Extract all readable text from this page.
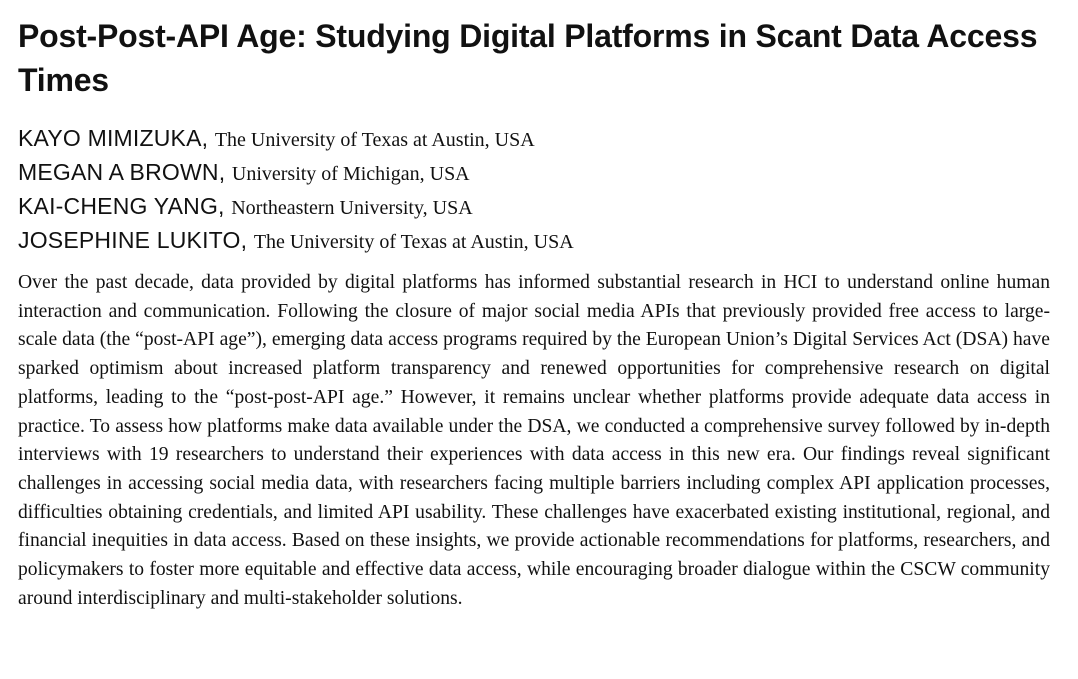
Post-Post-API Age: Studying Digital Platforms in Scant Data Access Times
KAYO MIMIZUKA, The University of Texas at Austin, USA
MEGAN A BROWN, University of Michigan, USA
KAI-CHENG YANG, Northeastern University, USA
JOSEPHINE LUKITO, The University of Texas at Austin, USA

Over the past decade, data provided by digital platforms has informed substantial research in HCI to understand online human interaction and communication. Following the closure of major social media APIs that previously provided free access to large-scale data (the “post-API age”), emerging data access programs required by the European Union’s Digital Services Act (DSA) have sparked optimism about increased platform transparency and renewed opportunities for comprehensive research on digital platforms, leading to the “post-post-API age.” However, it remains unclear whether platforms provide adequate data access in practice. To assess how platforms make data available under the DSA, we conducted a comprehensive survey followed by in-depth interviews with 19 researchers to understand their experiences with data access in this new era. Our findings reveal significant challenges in accessing social media data, with researchers facing multiple barriers including complex API application processes, difficulties obtaining credentials, and limited API usability. These challenges have exacerbated existing institutional, regional, and financial inequities in data access. Based on these insights, we provide actionable recommendations for platforms, researchers, and policymakers to foster more equitable and effective data access, while encouraging broader dialogue within the CSCW community around interdisciplinary and multi-stakeholder solutions.
